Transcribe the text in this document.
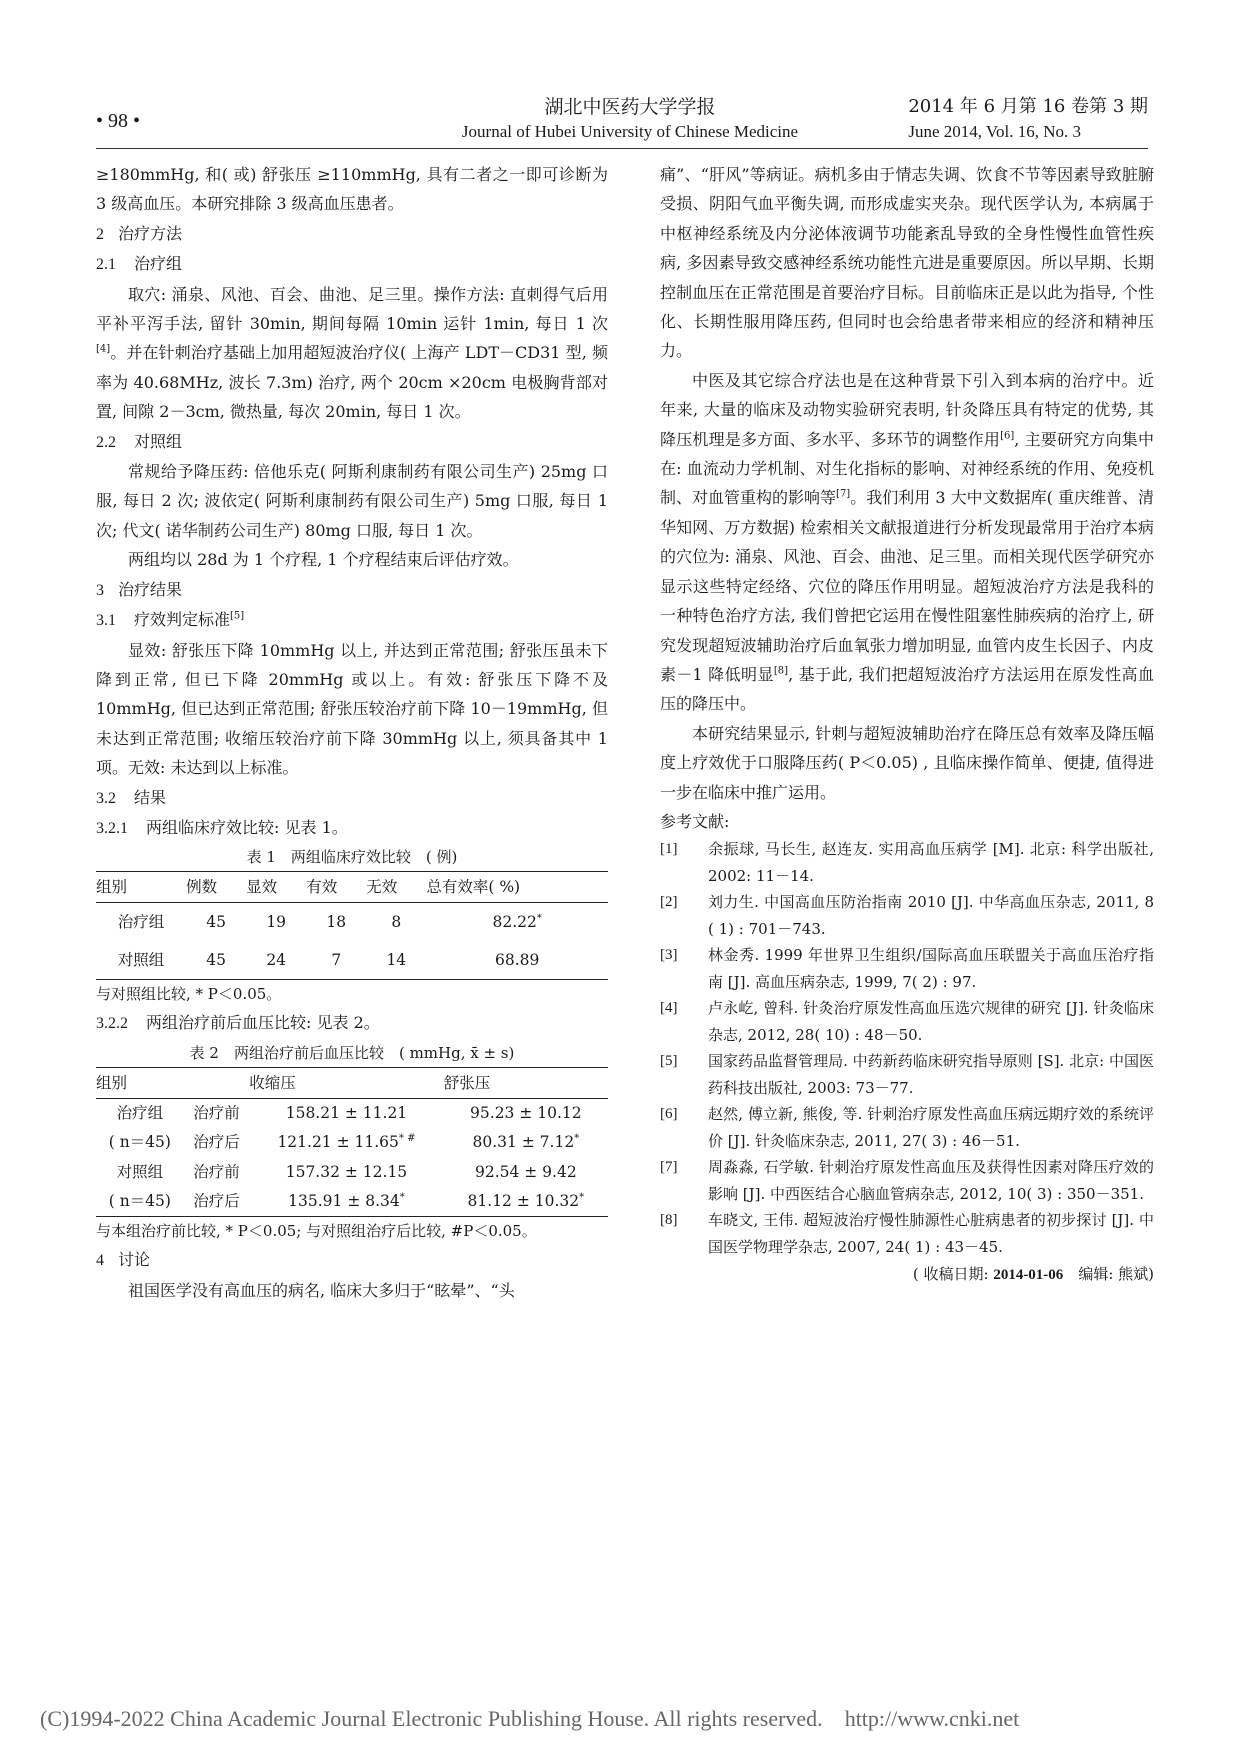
• 98 •
湖北中医药大学学报
Journal of Hubei University of Chinese Medicine
2014 年 6 月第 16 卷第 3 期
June 2014, Vol. 16, No. 3

≥180mmHg, 和( 或) 舒张压 ≥110mmHg, 具有二者之一即可诊断为 3 级高血压。本研究排除 3 级高血压患者。

2 治疗方法

2.1 治疗组

取穴: 涌泉、风池、百会、曲池、足三里。操作方法: 直刺得气后用平补平泻手法, 留针 30min, 期间每隔 10min 运针 1min, 每日 1 次[4]。并在针刺治疗基础上加用超短波治疗仪( 上海产 LDT－CD31 型, 频率为 40.68MHz, 波长 7.3m) 治疗, 两个 20cm ×20cm 电极胸背部对置, 间隙 2－3cm, 微热量, 每次 20min, 每日 1 次。

2.2 对照组

常规给予降压药: 倍他乐克( 阿斯利康制药有限公司生产) 25mg 口服, 每日 2 次; 波依定( 阿斯利康制药有限公司生产) 5mg 口服, 每日 1 次; 代文( 诺华制药公司生产) 80mg 口服, 每日 1 次。

两组均以 28d 为 1 个疗程, 1 个疗程结束后评估疗效。

3 治疗结果

3.1 疗效判定标准[5]

显效: 舒张压下降 10mmHg 以上, 并达到正常范围; 舒张压虽未下降到正常, 但已下降 20mmHg 或以上。有效: 舒张压下降不及 10mmHg, 但已达到正常范围; 舒张压较治疗前下降 10－19mmHg, 但未达到正常范围; 收缩压较治疗前下降 30mmHg 以上, 须具备其中 1 项。无效: 未达到以上标准。

3.2 结果

3.2.1 两组临床疗效比较: 见表 1。

表 1　两组临床疗效比较　( 例)

组别	例数	显效	有效	无效	总有效率( %)
治疗组	45	19	18	8	82.22*
对照组	45	24	7	14	68.89

与对照组比较, * P＜0.05。

3.2.2 两组治疗前后血压比较: 见表 2。

表 2　两组治疗前后血压比较　( mmHg, x̄ ± s)

组别		收缩压	舒张压
治疗组	治疗前	158.21 ± 11.21	95.23 ± 10.12
( n＝45)	治疗后	121.21 ± 11.65* #	80.31 ± 7.12*
对照组	治疗前	157.32 ± 12.15	92.54 ± 9.42
( n＝45)	治疗后	135.91 ± 8.34*	81.12 ± 10.32*

与本组治疗前比较, * P＜0.05; 与对照组治疗后比较, #P＜0.05。

4 讨论

祖国医学没有高血压的病名, 临床大多归于“眩晕”、“头

痛”、“肝风”等病证。病机多由于情志失调、饮食不节等因素导致脏腑受损、阴阳气血平衡失调, 而形成虚实夹杂。现代医学认为, 本病属于中枢神经系统及内分泌体液调节功能紊乱导致的全身性慢性血管性疾病, 多因素导致交感神经系统功能性亢进是重要原因。所以早期、长期控制血压在正常范围是首要治疗目标。目前临床正是以此为指导, 个性化、长期性服用降压药, 但同时也会给患者带来相应的经济和精神压力。

中医及其它综合疗法也是在这种背景下引入到本病的治疗中。近年来, 大量的临床及动物实验研究表明, 针灸降压具有特定的优势, 其降压机理是多方面、多水平、多环节的调整作用[6], 主要研究方向集中在: 血流动力学机制、对生化指标的影响、对神经系统的作用、免疫机制、对血管重构的影响等[7]。我们利用 3 大中文数据库( 重庆维普、清华知网、万方数据) 检索相关文献报道进行分析发现最常用于治疗本病的穴位为: 涌泉、风池、百会、曲池、足三里。而相关现代医学研究亦显示这些特定经络、穴位的降压作用明显。超短波治疗方法是我科的一种特色治疗方法, 我们曾把它运用在慢性阻塞性肺疾病的治疗上, 研究发现超短波辅助治疗后血氧张力增加明显, 血管内皮生长因子、内皮素－1 降低明显[8], 基于此, 我们把超短波治疗方法运用在原发性高血压的降压中。

本研究结果显示, 针刺与超短波辅助治疗在降压总有效率及降压幅度上疗效优于口服降压药( P＜0.05) , 且临床操作简单、便捷, 值得进一步在临床中推广运用。

参考文献:

[1]	余振球, 马长生, 赵连友. 实用高血压病学 [M]. 北京: 科学出版社, 2002: 11－14.
[2]	刘力生. 中国高血压防治指南 2010 [J]. 中华高血压杂志, 2011, 8 ( 1) : 701－743.
[3]	林金秀. 1999 年世界卫生组织/国际高血压联盟关于高血压治疗指南 [J]. 高血压病杂志, 1999, 7( 2) : 97.
[4]	卢永屹, 曾科. 针灸治疗原发性高血压选穴规律的研究 [J]. 针灸临床杂志, 2012, 28( 10) : 48－50.
[5]	国家药品监督管理局. 中药新药临床研究指导原则 [S]. 北京: 中国医药科技出版社, 2003: 73－77.
[6]	赵然, 傅立新, 熊俊, 等. 针刺治疗原发性高血压病远期疗效的系统评价 [J]. 针灸临床杂志, 2011, 27( 3) : 46－51.
[7]	周淼淼, 石学敏. 针刺治疗原发性高血压及获得性因素对降压疗效的影响 [J]. 中西医结合心脑血管病杂志, 2012, 10( 3) : 350－351.
[8]	车晓文, 王伟. 超短波治疗慢性肺源性心脏病患者的初步探讨 [J]. 中国医学物理学杂志, 2007, 24( 1) : 43－45.

( 收稿日期: 2014-01-06　编辑: 熊斌)

(C)1994-2022 China Academic Journal Electronic Publishing House. All rights reserved. http://www.cnki.net
